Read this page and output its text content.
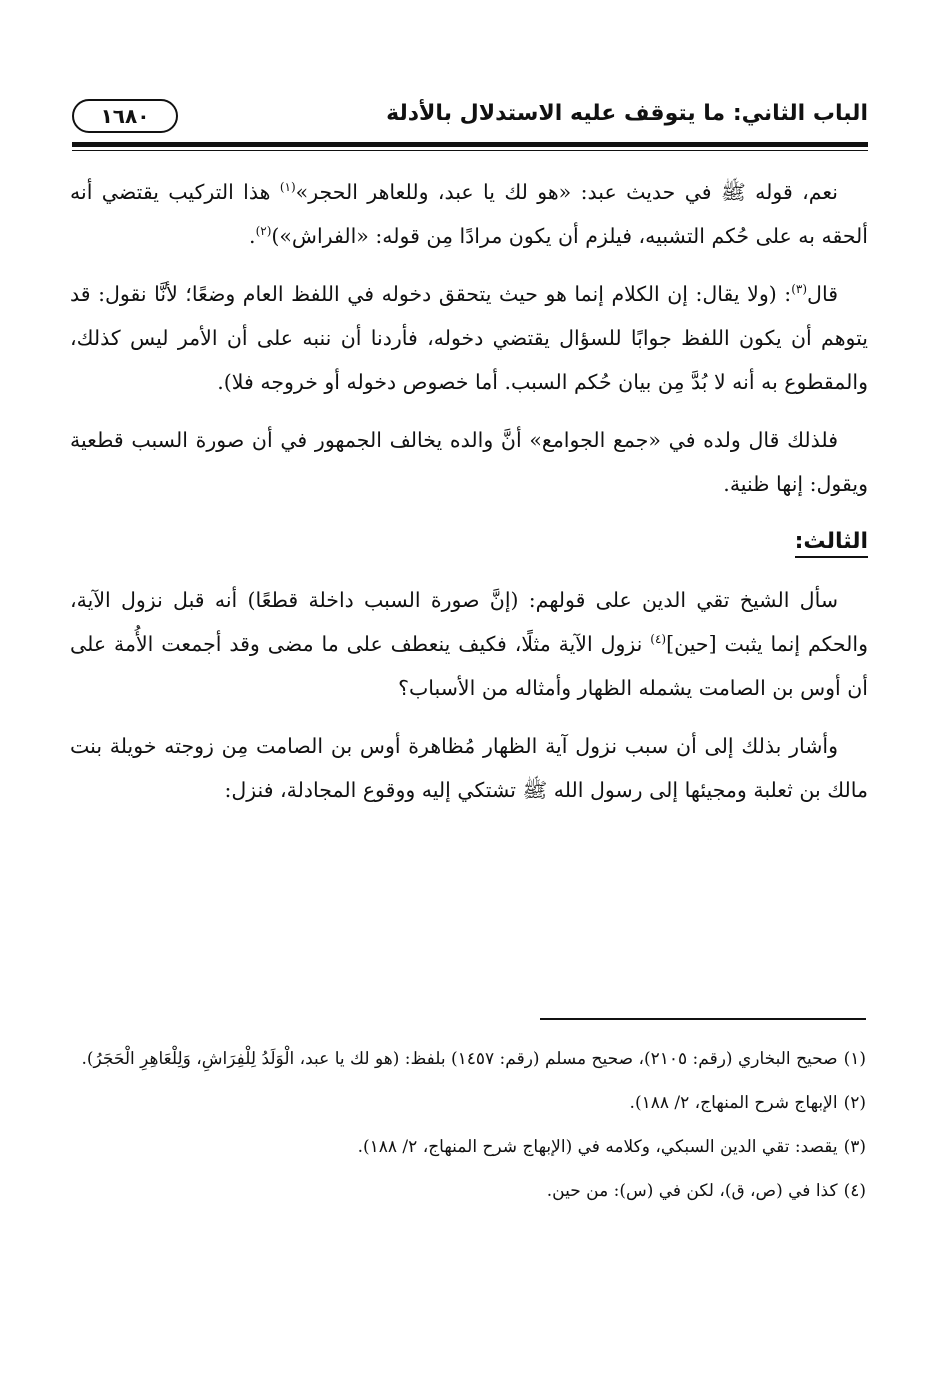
الباب الثاني: ما يتوقف عليه الاستدلال بالأدلة
١٦٨٠

نعم، قوله ﷺ في حديث عبد: «هو لك يا عبد، وللعاهر الحجر»$^{(١)}$ هذا التركيب يقتضي أنه ألحقه به على حُكم التشبيه، فيلزم أن يكون مرادًا مِن قوله: «الفراش»)$^{(٢)}$.

قال$^{(٣)}$: (ولا يقال: إن الكلام إنما هو حيث يتحقق دخوله في اللفظ العام وضعًا؛ لأنَّا نقول: قد يتوهم أن يكون اللفظ جوابًا للسؤال يقتضي دخوله، فأردنا أن ننبه على أن الأمر ليس كذلك، والمقطوع به أنه لا بُدَّ مِن بيان حُكم السبب. أما خصوص دخوله أو خروجه فلا).

فلذلك قال ولده في «جمع الجوامع» أنَّ والده يخالف الجمهور في أن صورة السبب قطعية ويقول: إنها ظنية.

الثالث:

سأل الشيخ تقي الدين على قولهم: (إنَّ صورة السبب داخلة قطعًا) أنه قبل نزول الآية، والحكم إنما يثبت [حين]$^{(٤)}$ نزول الآية مثلًا، فكيف ينعطف على ما مضى وقد أجمعت الأُمة على أن أوس بن الصامت يشمله الظهار وأمثاله من الأسباب؟

وأشار بذلك إلى أن سبب نزول آية الظهار مُظاهرة أوس بن الصامت مِن زوجته خويلة بنت مالك بن ثعلبة ومجيئها إلى رسول الله ﷺ تشتكي إليه ووقوع المجادلة، فنزل:

(١)صحيح البخاري (رقم: ٢١٠٥)، صحيح مسلم (رقم: ١٤٥٧) بلفظ: (هو لك يا عبد، الْوَلَدُ لِلْفِرَاشِ، وَلِلْعَاهِرِ الْحَجَرُ).
(٢)الإبهاج شرح المنهاج، ٢/ ١٨٨).
(٣)يقصد: تقي الدين السبكي، وكلامه في (الإبهاج شرح المنهاج، ٢/ ١٨٨).
(٤)كذا في (ص، ق)، لكن في (س): من حين.
